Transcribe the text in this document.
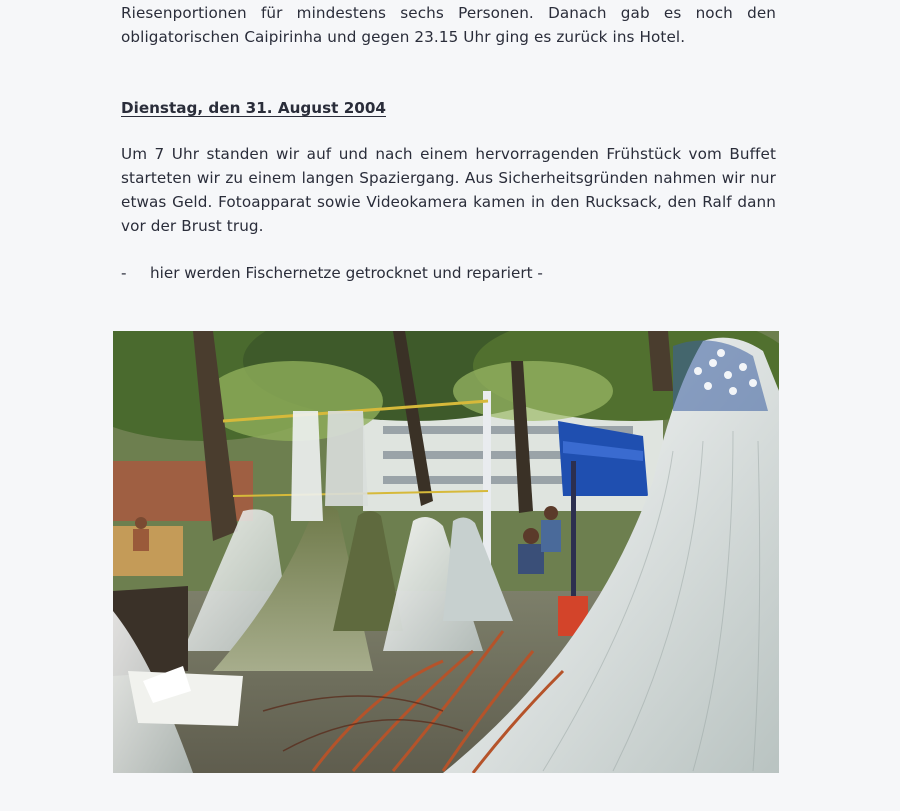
Riesenportionen für mindestens sechs Personen. Danach gab es noch den obligatorischen Caipirinha und gegen 23.15 Uhr ging es zurück ins Hotel.
Dienstag, den 31. August 2004
Um 7 Uhr standen wir auf und nach einem hervorragenden Frühstück vom Buffet starteten wir zu einem langen Spaziergang. Aus Sicherheitsgründen nahmen wir nur etwas Geld. Fotoapparat sowie Videokamera kamen in den Rucksack, den Ralf dann vor der Brust trug.
- hier werden Fischernetze getrocknet und repariert -
